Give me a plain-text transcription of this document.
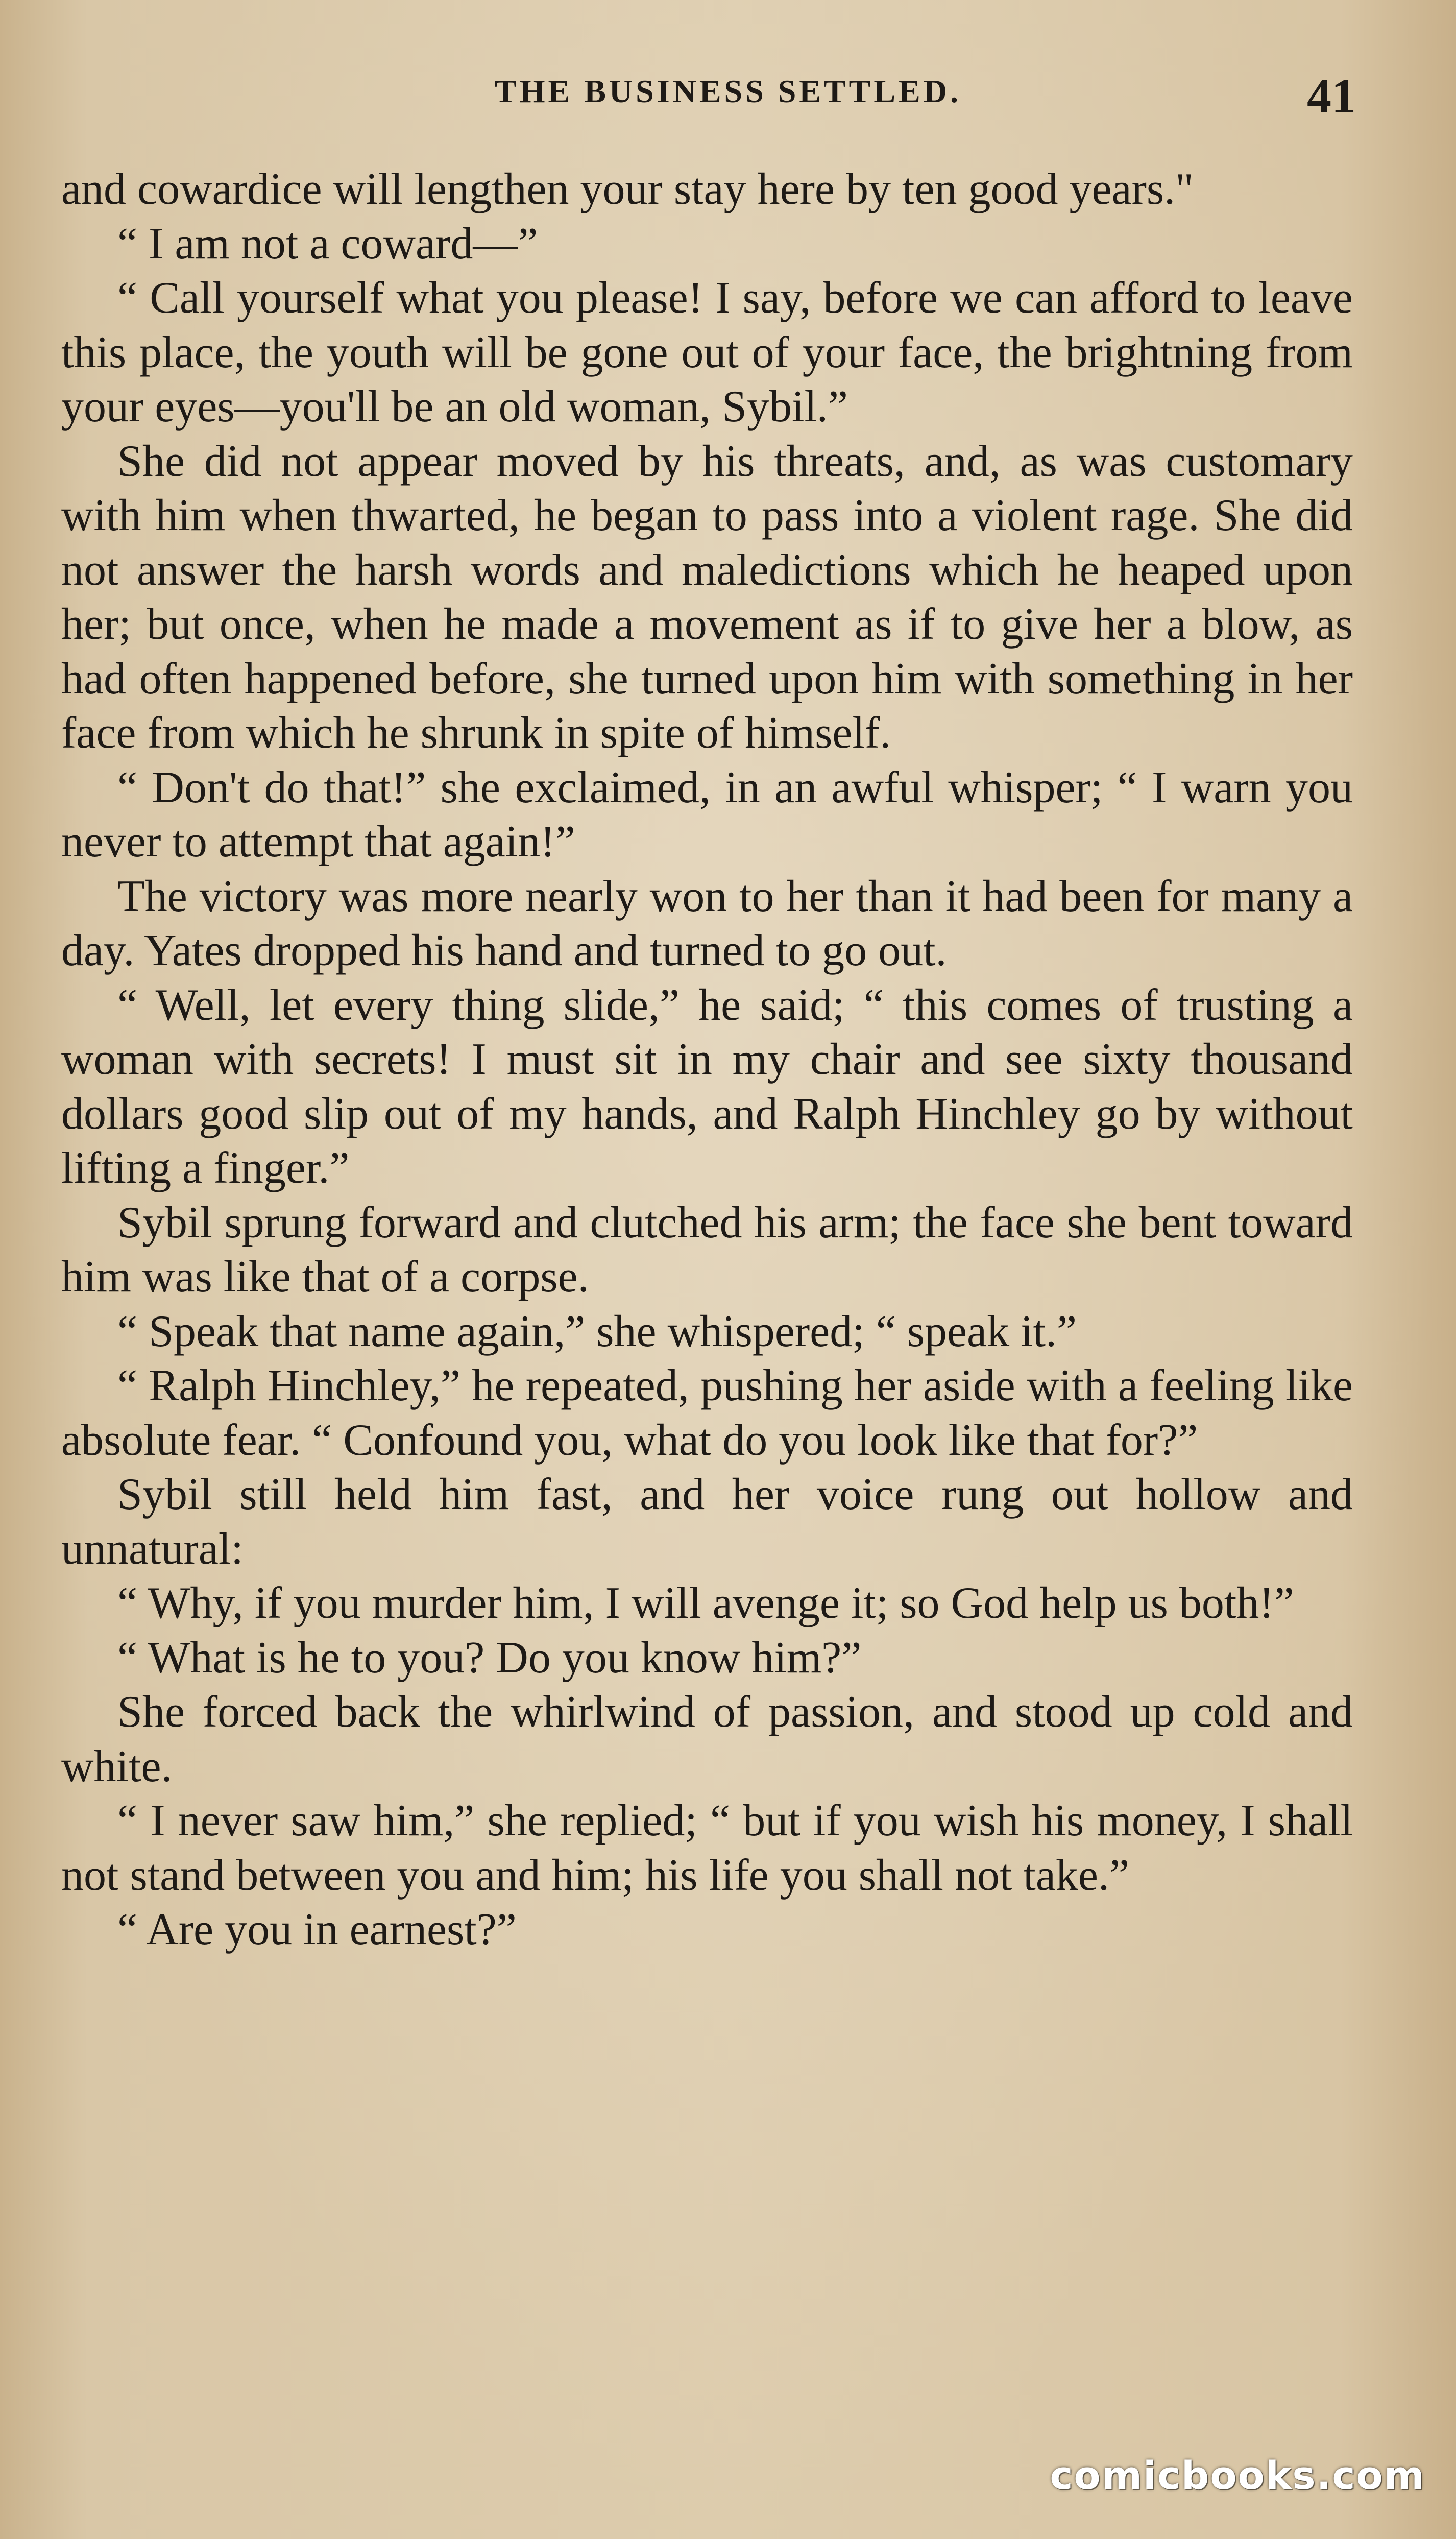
THE BUSINESS SETTLED.	41

and cowardice will lengthen your stay here by ten good years."

“ I am not a coward—”

“ Call yourself what you please! I say, before we can afford to leave this place, the youth will be gone out of your face, the brightning from your eyes—you'll be an old woman, Sybil.”

She did not appear moved by his threats, and, as was customary with him when thwarted, he began to pass into a violent rage. She did not answer the harsh words and maledictions which he heaped upon her; but once, when he made a movement as if to give her a blow, as had often happened before, she turned upon him with something in her face from which he shrunk in spite of himself.

“ Don't do that!” she exclaimed, in an awful whisper; “ I warn you never to attempt that again!”

The victory was more nearly won to her than it had been for many a day. Yates dropped his hand and turned to go out.

“ Well, let every thing slide,” he said; “ this comes of trusting a woman with secrets! I must sit in my chair and see sixty thousand dollars good slip out of my hands, and Ralph Hinchley go by without lifting a finger.”

Sybil sprung forward and clutched his arm; the face she bent toward him was like that of a corpse.

“ Speak that name again,” she whispered; “ speak it.”

“ Ralph Hinchley,” he repeated, pushing her aside with a feeling like absolute fear. “ Confound you, what do you look like that for?”

Sybil still held him fast, and her voice rung out hollow and unnatural:

“ Why, if you murder him, I will avenge it; so God help us both!”

“ What is he to you? Do you know him?”

She forced back the whirlwind of passion, and stood up cold and white.

“ I never saw him,” she replied; “ but if you wish his money, I shall not stand between you and him; his life you shall not take.”

“ Are you in earnest?”

comicbooks.com
